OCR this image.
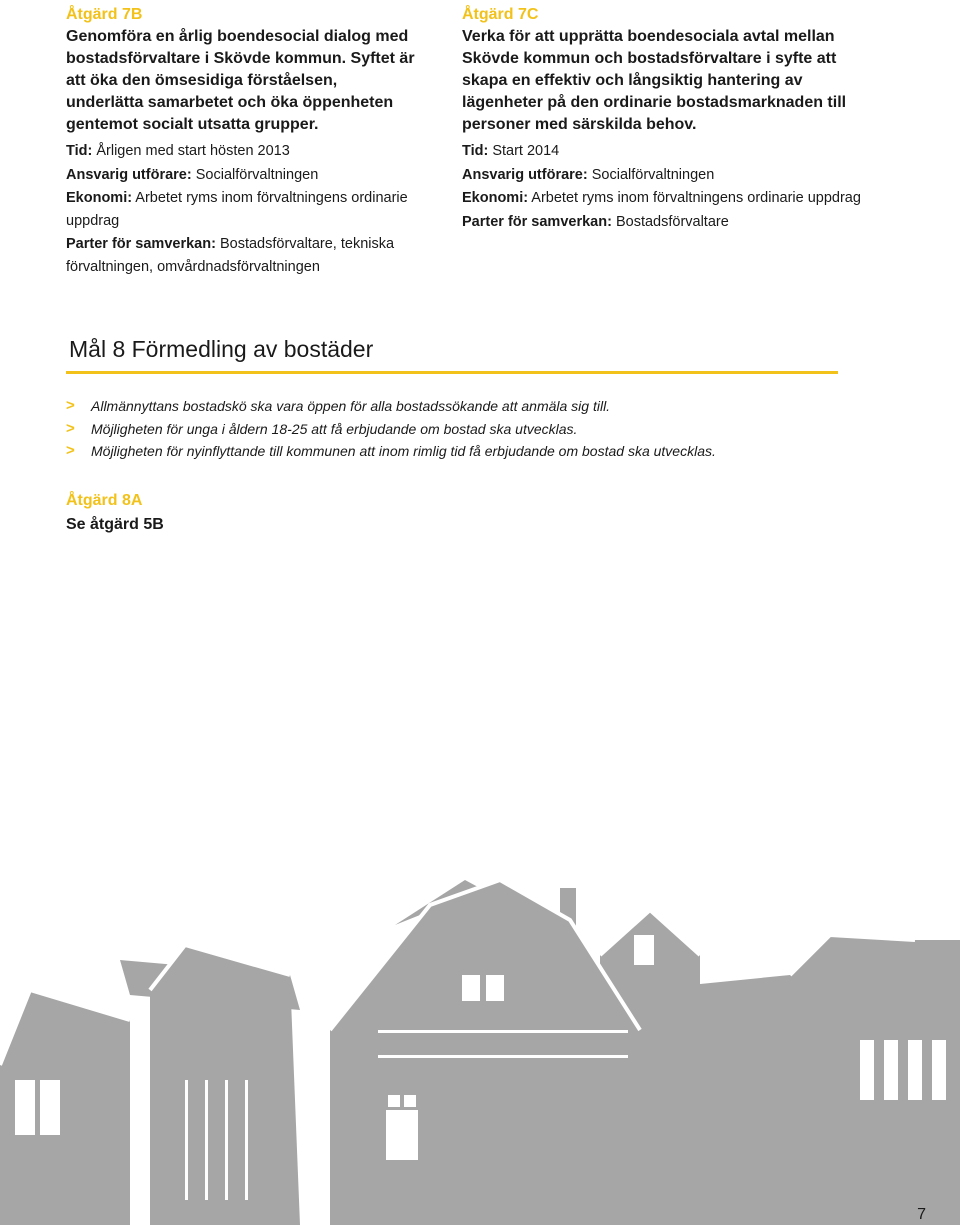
Åtgärd 7B

Genomföra en årlig boendesocial dialog med bostadsförvaltare i Skövde kommun. Syftet är att öka den ömsesidiga förståelsen, underlätta samarbetet och öka öppenheten gentemot socialt utsatta grupper.

Tid: Årligen med start hösten 2013

Ansvarig utförare: Socialförvaltningen

Ekonomi: Arbetet ryms inom förvaltningens ordinarie uppdrag

Parter för samverkan: Bostadsförvaltare, tekniska förvaltningen, omvårdnadsförvaltningen

Åtgärd 7C

Verka för att upprätta boendesociala avtal mellan Skövde kommun och bostadsförvaltare i syfte att skapa en effektiv och långsiktig hantering av lägenheter på den ordinarie bostadsmarknaden till personer med särskilda behov.

Tid: Start 2014

Ansvarig utförare: Socialförvaltningen

Ekonomi: Arbetet ryms inom förvaltningens ordinarie uppdrag

Parter för samverkan: Bostadsförvaltare

Mål 8 Förmedling av bostäder
> Allmännyttans bostadskö ska vara öppen för alla bostadssökande att anmäla sig till.
> Möjligheten för unga i åldern 18-25 att få erbjudande om bostad ska utvecklas.
> Möjligheten för nyinflyttande till kommunen att inom rimlig tid få erbjudande om bostad ska utvecklas.

Åtgärd 8A

Se åtgärd 5B

7
